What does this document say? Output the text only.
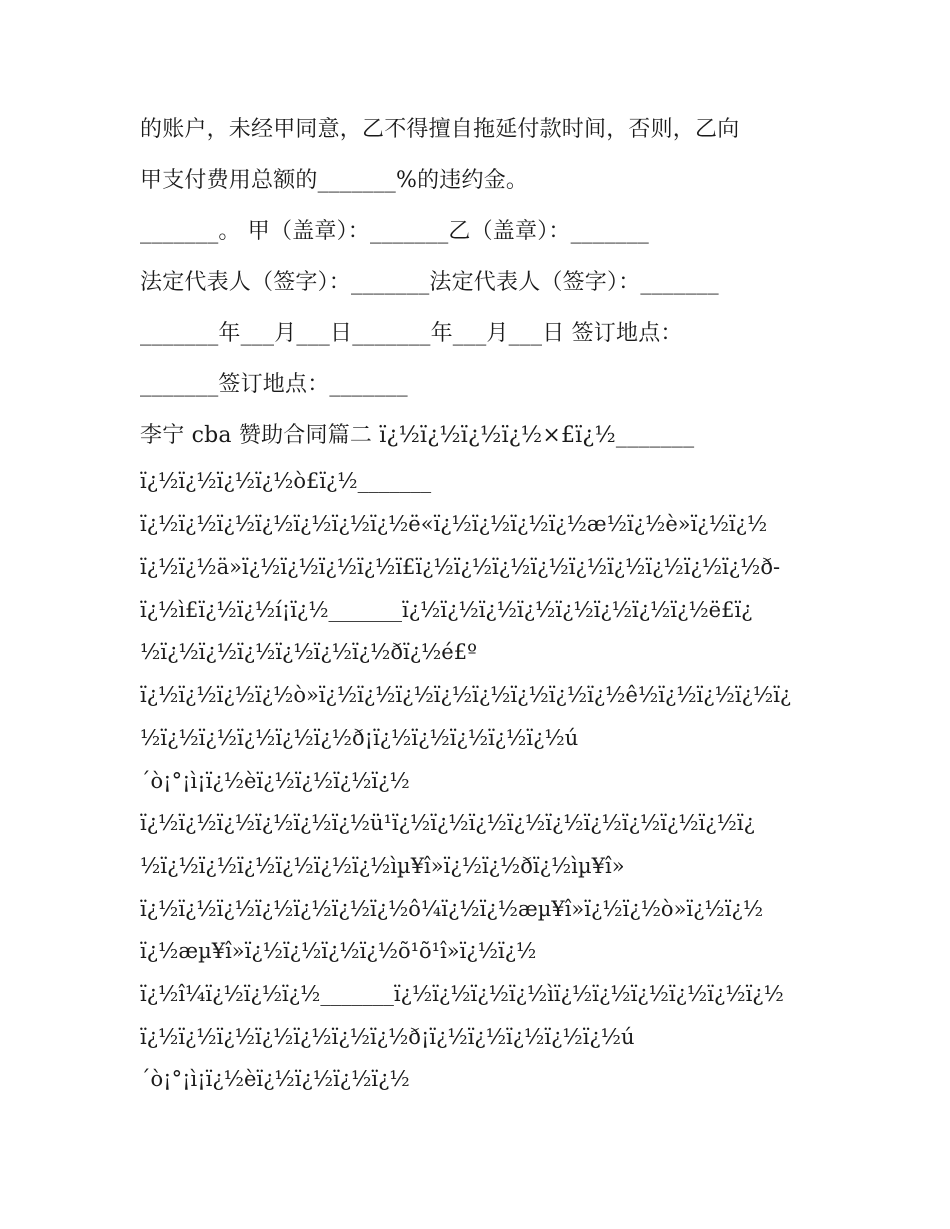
的账户，未经甲同意，乙不得擅自拖延付款时间，否则，乙向
甲支付费用总额的_______%的违约金。
_______。 甲（盖章）：_______乙（盖章）：_______
法定代表人（签字）：_______法定代表人（签字）：_______
_______年___月___日_______年___月___日 签订地点：
_______签订地点：_______
李宁 cba 赞助合同篇二 ï¿½ï¿½ï¿½ï¿½×£ï¿½_______
ï¿½ï¿½ï¿½ï¿½ò£ï¿½_______
ï¿½ï¿½ï¿½ï¿½ï¿½ï¿½ï¿½ë«ï¿½ï¿½ï¿½ï¿½æ½ï¿½è»ï¿½ï¿½
ï¿½ï¿½ä»ï¿½ï¿½ï¿½ï¿½ï£ï¿½ï¿½ï¿½ï¿½ï¿½ï¿½ï¿½ï¿½ï¿½ð-
ï¿½ì£ï¿½ï¿½í¡ï¿½_______ï¿½ï¿½ï¿½ï¿½ï¿½ï¿½ï¿½ï¿½ë£ï¿
½ï¿½ï¿½ï¿½ï¿½ï¿½ï¿½ðï¿½é£º
ï¿½ï¿½ï¿½ï¿½ò»ï¿½ï¿½ï¿½ï¿½ï¿½ï¿½ï¿½ï¿½ê½ï¿½ï¿½ï¿½ï¿
½ï¿½ï¿½ï¿½ï¿½ï¿½ð¡ï¿½ï¿½ï¿½ï¿½ï¿½ú
´ò¡°¡ì¡ï¿½èï¿½ï¿½ï¿½ï¿½
ï¿½ï¿½ï¿½ï¿½ï¿½ï¿½ü¹ï¿½ï¿½ï¿½ï¿½ï¿½ï¿½ï¿½ï¿½ï¿½ï¿
½ï¿½ï¿½ï¿½ï¿½ï¿½ï¿½ìµ¥î»ï¿½ï¿½ðï¿½ìµ¥î»
ï¿½ï¿½ï¿½ï¿½ï¿½ï¿½ï¿½ô¼ï¿½ï¿½æµ¥î»ï¿½ï¿½ò»ï¿½ï¿½
ï¿½æµ¥î»ï¿½ï¿½ï¿½ï¿½õ¹õ¹î»ï¿½ï¿½
ï¿½î¼ï¿½ï¿½ï¿½_______ï¿½ï¿½ï¿½ï¿½ìï¿½ï¿½ï¿½ï¿½ï¿½ï¿½
ï¿½ï¿½ï¿½ï¿½ï¿½ï¿½ï¿½ð¡ï¿½ï¿½ï¿½ï¿½ï¿½ú
´ò¡°¡ì¡ï¿½èï¿½ï¿½ï¿½ï¿½
